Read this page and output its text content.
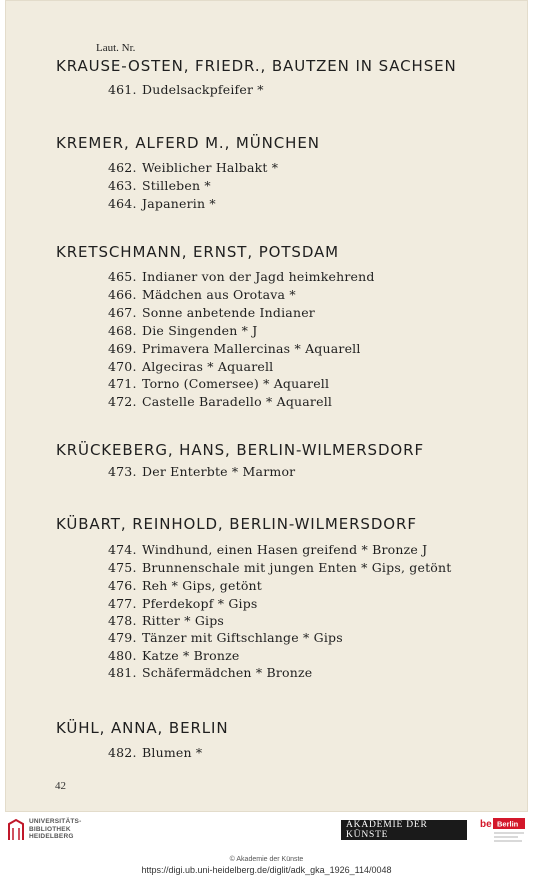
Laut. Nr.
KRAUSE-OSTEN, FRIEDR., BAUTZEN IN SACHSEN
461. Dudelsackpfeifer *
KREMER, ALFERD M., MÜNCHEN
462. Weiblicher Halbakt *
463. Stilleben *
464. Japanerin *
KRETSCHMANN, ERNST, POTSDAM
465. Indianer von der Jagd heimkehrend
466. Mädchen aus Orotava *
467. Sonne anbetende Indianer
468. Die Singenden * J
469. Primavera Mallercinas * Aquarell
470. Algeciras * Aquarell
471. Torno (Comersee) * Aquarell
472. Castelle Baradello * Aquarell
KRÜCKEBERG, HANS, BERLIN-WILMERSDORF
473. Der Enterbte * Marmor
KÜBART, REINHOLD, BERLIN-WILMERSDORF
474. Windhund, einen Hasen greifend * Bronze J
475. Brunnenschale mit jungen Enten * Gips, getönt
476. Reh * Gips, getönt
477. Pferdekopf * Gips
478. Ritter * Gips
479. Tänzer mit Giftschlange * Gips
480. Katze * Bronze
481. Schäfermädchen * Bronze
KÜHL, ANNA, BERLIN
482. Blumen *
42
UNIVERSITÄTS-
BIBLIOTHEK
HEIDELBERG
AKADEMIE DER KÜNSTE
be Berlin
© Akademie der Künste
https://digi.ub.uni-heidelberg.de/diglit/adk_gka_1926_114/0048
